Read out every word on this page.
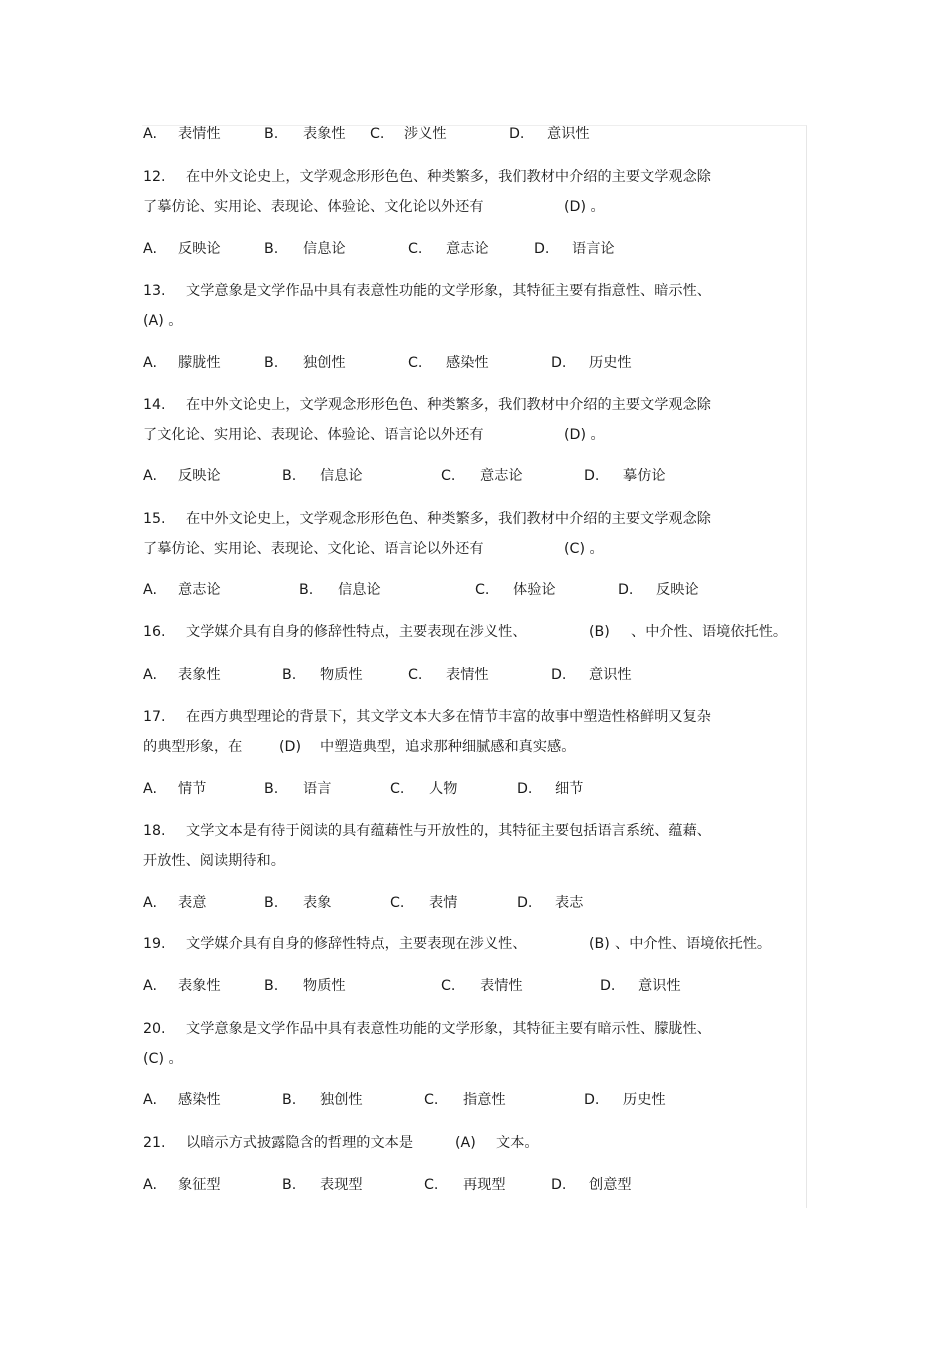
A. 表情性	B. 表象性 C. 涉义性	D. 意识性
12. 在中外文论史上，文学观念形形色色、种类繁多，我们教材中介绍的主要文学观念除
了摹仿论、实用论、表现论、体验论、文化论以外还有	(D) 。
A. 反映论	B. 信息论	C. 意志论	D. 语言论
13. 文学意象是文学作品中具有表意性功能的文学形象，其特征主要有指意性、暗示性、
(A) 。
A. 朦胧性	B. 独创性	C. 感染性	D. 历史性
14. 在中外文论史上，文学观念形形色色、种类繁多，我们教材中介绍的主要文学观念除
了文化论、实用论、表现论、体验论、语言论以外还有	(D) 。
A. 反映论	B. 信息论	C. 意志论	D. 摹仿论
15. 在中外文论史上，文学观念形形色色、种类繁多，我们教材中介绍的主要文学观念除
了摹仿论、实用论、表现论、文化论、语言论以外还有	(C) 。
A. 意志论	B. 信息论	C. 体验论	D. 反映论
16. 文学媒介具有自身的修辞性特点，主要表现在涉义性、	(B) 、中介性、语境依托性。
A. 表象性	B. 物质性	C. 表情性	D. 意识性
17. 在西方典型理论的背景下，其文学文本大多在情节丰富的故事中塑造性格鲜明又复杂
的典型形象，在	(D) 中塑造典型，追求那种细腻感和真实感。
A. 情节	B. 语言	C. 人物	D. 细节
18. 文学文本是有待于阅读的具有蕴藉性与开放性的，其特征主要包括语言系统、蕴藉、
开放性、阅读期待和。
A. 表意	B. 表象	C. 表情	D. 表志
19. 文学媒介具有自身的修辞性特点，主要表现在涉义性、	(B) 、中介性、语境依托性。
A. 表象性	B. 物质性	C. 表情性	D. 意识性
20. 文学意象是文学作品中具有表意性功能的文学形象，其特征主要有暗示性、朦胧性、
(C) 。
A. 感染性	B. 独创性	C. 指意性	D. 历史性
21. 以暗示方式披露隐含的哲理的文本是	(A) 文本。
A. 象征型	B. 表现型	C. 再现型	D. 创意型
